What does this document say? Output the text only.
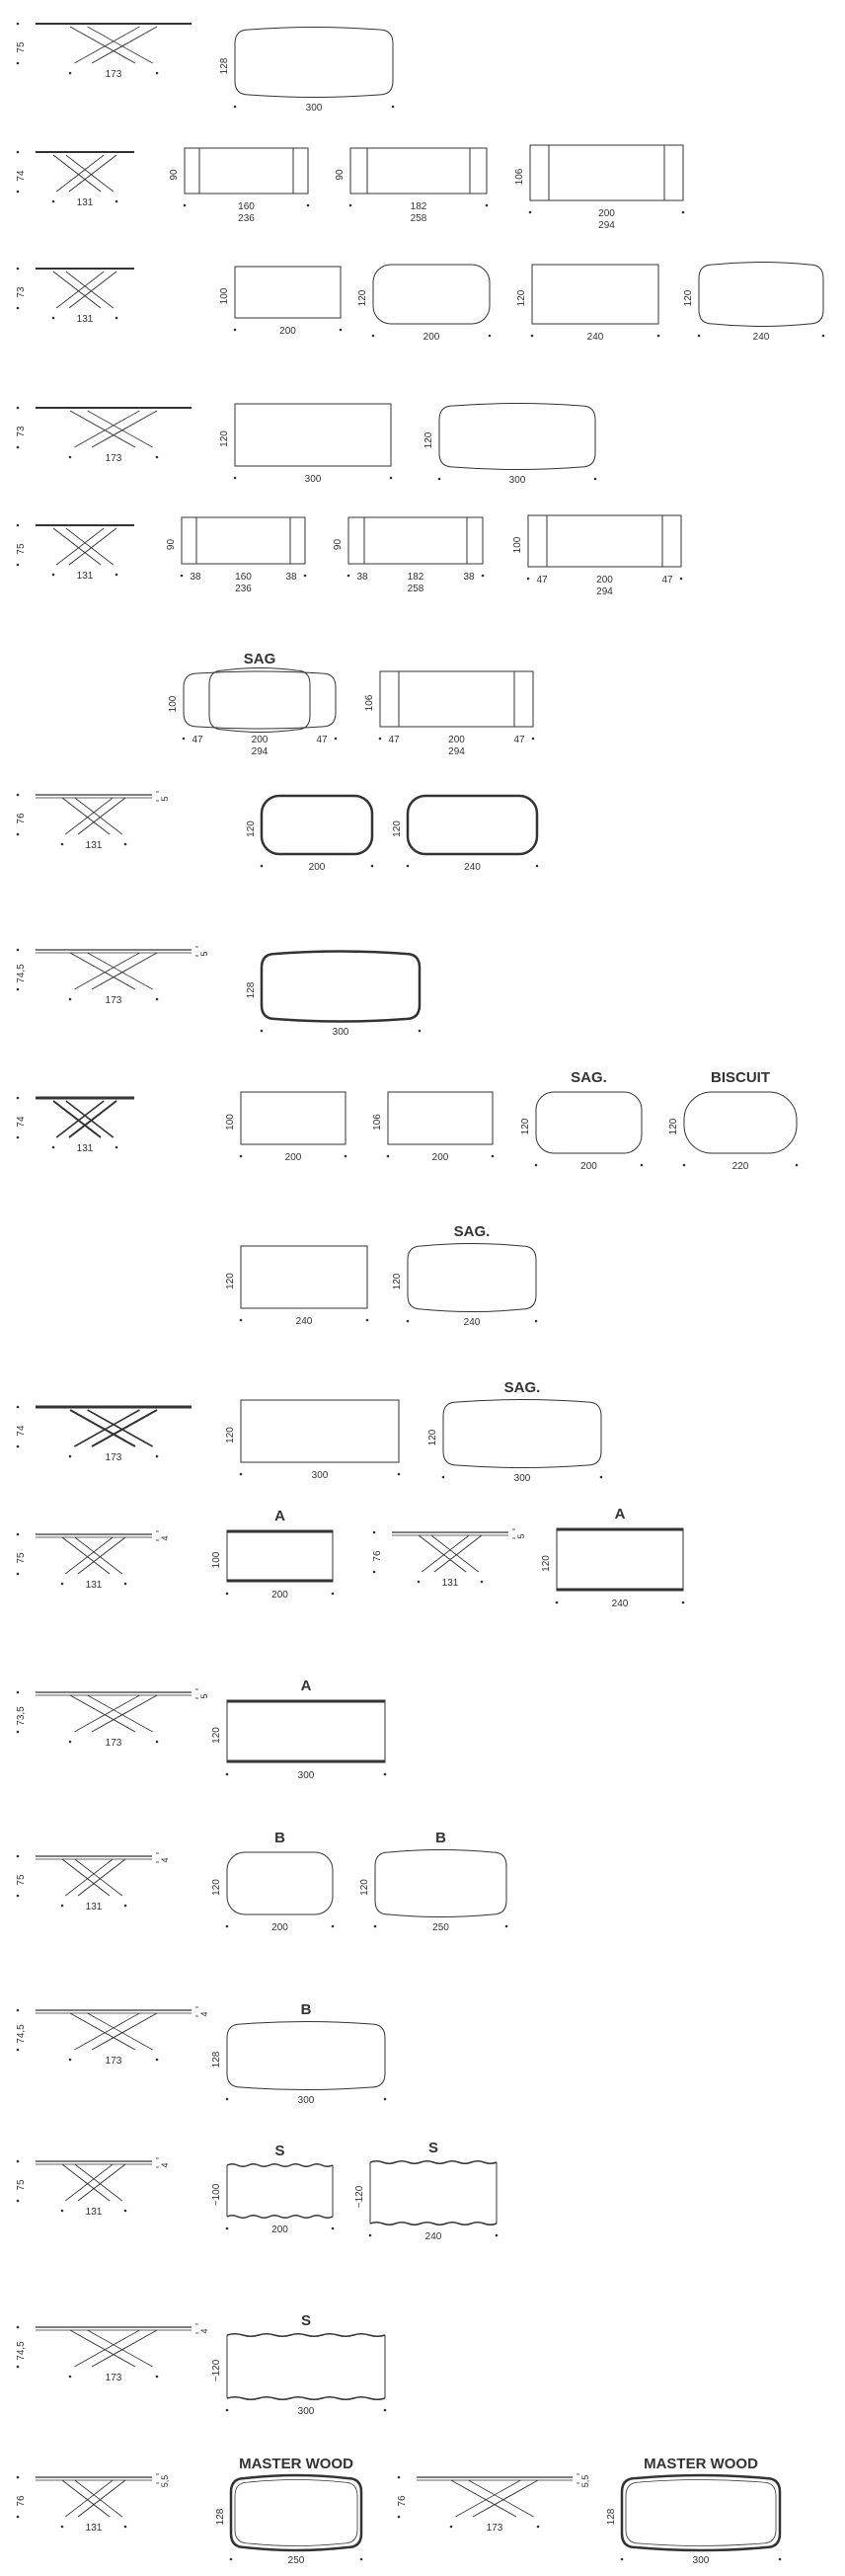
75
173
128
300
74
131
90
160
236
90
182
258
106
200
294
73
131
100
200
120
200
120
240
120
240
73
173
120
300
120
300
75
131
90
160
38	38
236
90
182
38	38
258
100
200
47	47
294
100
200
47	47
294
SAG
106
200
47	47
294
76
131
5
120
200
120
240
74,5
173
5
128
300
74
131
100
200
106
200
120
200
SAG.
120
220
BISCUIT
120
240
120
240
SAG.
74
173
120
300
120
300
SAG.
75
131
4
76
131
5
100
200
A
120
240
A
73,5
173
5
120
300
A
75
131
4
120
200
B
120
250
B
74,5
173
4
128
300
B
75
131
4
~100
200
S
~120
240
S
74,5
173
4
~120
300
S
76
131
5,5
76
173
5,5
128
250
MASTER WOOD
128
300
MASTER WOOD
